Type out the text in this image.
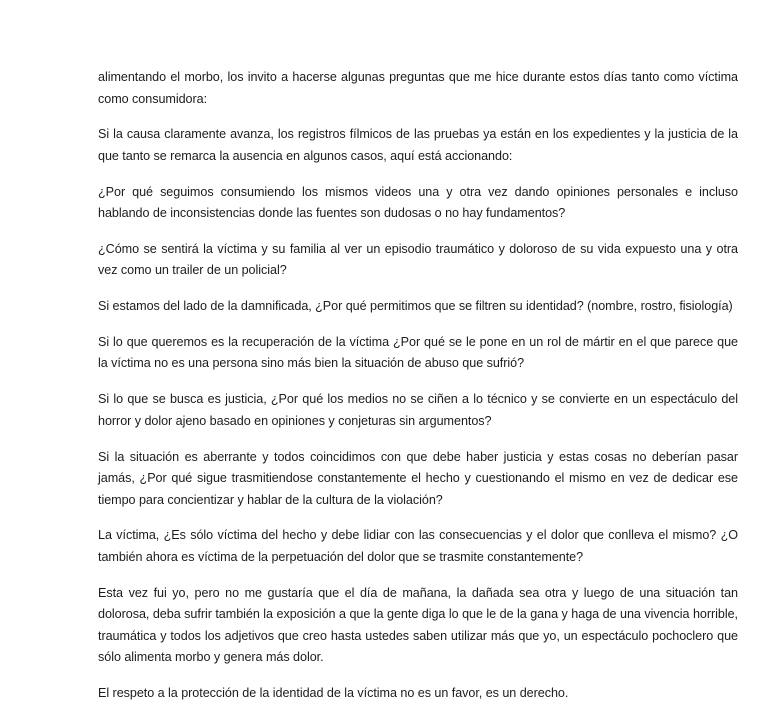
alimentando el morbo, los invito a hacerse algunas preguntas que me hice durante estos días tanto como víctima como consumidora:

Si la causa claramente avanza, los registros fílmicos de las pruebas ya están en los expedientes y la justicia de la que tanto se remarca la ausencia en algunos casos, aquí está accionando:

¿Por qué seguimos consumiendo los mismos videos una y otra vez dando opiniones personales e incluso hablando de inconsistencias donde las fuentes son dudosas o no hay fundamentos?

¿Cómo se sentirá la víctima y su familia al ver un episodio traumático y doloroso de su vida expuesto una y otra vez como un trailer de un policial?

Si estamos del lado de la damnificada, ¿Por qué permitimos que se filtren su identidad? (nombre, rostro, fisiología)

Si lo que queremos es la recuperación de la víctima ¿Por qué se le pone en un rol de mártir en el que parece que la víctima no es una persona sino más bien la situación de abuso que sufrió?

Si lo que se busca es justicia, ¿Por qué los medios no se ciñen a lo técnico y se convierte en un espectáculo del horror y dolor ajeno basado en opiniones y conjeturas sin argumentos?

Si la situación es aberrante y todos coincidimos con que debe haber justicia y estas cosas no deberían pasar jamás, ¿Por qué sigue trasmitiendose constantemente el hecho y cuestionando el mismo en vez de dedicar ese tiempo para concientizar y hablar de la cultura de la violación?

La víctima, ¿Es sólo víctima del hecho y debe lidiar con las consecuencias y el dolor que conlleva el mismo? ¿O también ahora es víctima de la perpetuación del dolor que se trasmite constantemente?

Esta vez fui yo, pero no me gustaría que el día de mañana, la dañada sea otra y luego de una situación tan dolorosa, deba sufrir también la exposición a que la gente diga lo que le de la gana y haga de una vivencia horrible, traumática y todos los adjetivos que creo hasta ustedes saben utilizar más que yo, un espectáculo pochoclero que sólo alimenta morbo y genera más dolor.

El respeto a la protección de la identidad de la víctima no es un favor, es un derecho.
